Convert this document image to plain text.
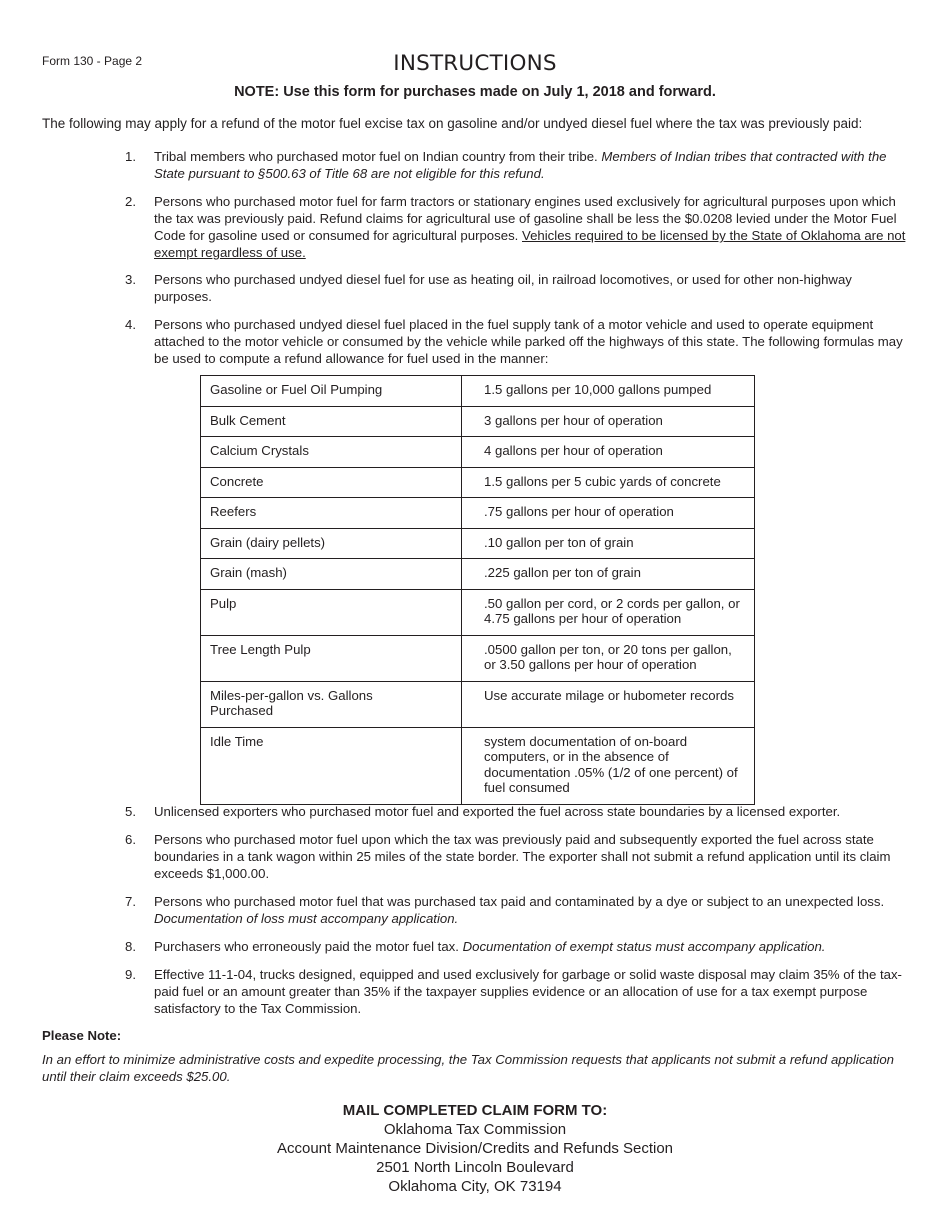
Form 130 - Page 2	INSTRUCTIONS
NOTE: Use this form for purchases made on July 1, 2018 and forward.
The following may apply for a refund of the motor fuel excise tax on gasoline and/or undyed diesel fuel where the tax was previously paid:
1.	Tribal members who purchased motor fuel on Indian country from their tribe. Members of Indian tribes that contracted with the State pursuant to §500.63 of Title 68 are not eligible for this refund.
2.	Persons who purchased motor fuel for farm tractors or stationary engines used exclusively for agricultural purposes upon which the tax was previously paid. Refund claims for agricultural use of gasoline shall be less the $0.0208 levied under the Motor Fuel Code for gasoline used or consumed for agricultural purposes. Vehicles required to be licensed by the State of Oklahoma are not exempt regardless of use.
3.	Persons who purchased undyed diesel fuel for use as heating oil, in railroad locomotives, or used for other non-highway purposes.
4.	Persons who purchased undyed diesel fuel placed in the fuel supply tank of a motor vehicle and used to operate equipment attached to the motor vehicle or consumed by the vehicle while parked off the highways of this state. The following formulas may be used to compute a refund allowance for fuel used in the manner:
Gasoline or Fuel Oil Pumping	1.5 gallons per 10,000 gallons pumped
Bulk Cement	3 gallons per hour of operation
Calcium Crystals	4 gallons per hour of operation
Concrete	1.5 gallons per 5 cubic yards of concrete
Reefers	.75 gallons per hour of operation
Grain (dairy pellets)	.10 gallon per ton of grain
Grain (mash)	.225 gallon per ton of grain
Pulp	.50 gallon per cord, or 2 cords per gallon, or 4.75 gallons per hour of operation
Tree Length Pulp	.0500 gallon per ton, or 20 tons per gallon, or 3.50 gallons per hour of operation
Miles-per-gallon vs. Gallons Purchased	Use accurate milage or hubometer records
Idle Time	system documentation of on-board computers, or in the absence of documentation .05% (1/2 of one percent) of fuel consumed
5.	Unlicensed exporters who purchased motor fuel and exported the fuel across state boundaries by a licensed exporter.
6.	Persons who purchased motor fuel upon which the tax was previously paid and subsequently exported the fuel across state boundaries in a tank wagon within 25 miles of the state border. The exporter shall not submit a refund application until its claim exceeds $1,000.00.
7.	Persons who purchased motor fuel that was purchased tax paid and contaminated by a dye or subject to an unexpected loss. Documentation of loss must accompany application.
8.	Purchasers who erroneously paid the motor fuel tax. Documentation of exempt status must accompany application.
9.	Effective 11-1-04, trucks designed, equipped and used exclusively for garbage or solid waste disposal may claim 35% of the tax-paid fuel or an amount greater than 35% if the taxpayer supplies evidence or an allocation of use for a tax exempt purpose satisfactory to the Tax Commission.
Please Note:
In an effort to minimize administrative costs and expedite processing, the Tax Commission requests that applicants not submit a refund application until their claim exceeds $25.00.
MAIL COMPLETED CLAIM FORM TO:
Oklahoma Tax Commission
Account Maintenance Division/Credits and Refunds Section
2501 North Lincoln Boulevard
Oklahoma City, OK 73194
